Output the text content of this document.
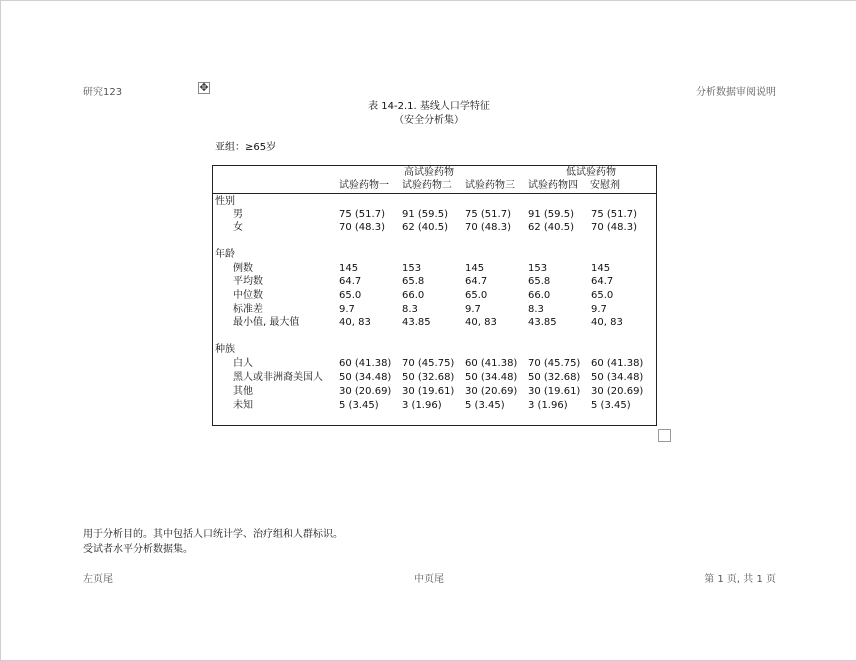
研究123	分析数据审阅说明
✥
表 14-2.1. 基线人口学特征
（安全分析集）
亚组：≥65岁
高试验药物	低试验药物
试验药物一 试验药物二 试验药物三 试验药物四 安慰剂
性别
男	75 (51.7) 91 (59.5) 75 (51.7) 91 (59.5) 75 (51.7)
女	70 (48.3) 62 (40.5) 70 (48.3) 62 (40.5) 70 (48.3)
年龄
例数	145	153	145	153	145
平均数	64.7	65.8	64.7	65.8	64.7
中位数	65.0	66.0	65.0	66.0	65.0
标准差	9.7	8.3	9.7	8.3	9.7
最小值, 最大值	40, 83	43.85	40, 83	43.85	40, 83
种族
白人	60 (41.38) 70 (45.75) 60 (41.38) 70 (45.75) 60 (41.38)
黑人或非洲裔美国人 50 (34.48) 50 (32.68) 50 (34.48) 50 (32.68) 50 (34.48)
其他	30 (20.69) 30 (19.61) 30 (20.69) 30 (19.61) 30 (20.69)
未知	5 (3.45) 3 (1.96) 5 (3.45) 3 (1.96) 5 (3.45)
用于分析目的。其中包括人口统计学、治疗组和人群标识。
受试者水平分析数据集。
左页尾	中页尾	第 1 页, 共 1 页
